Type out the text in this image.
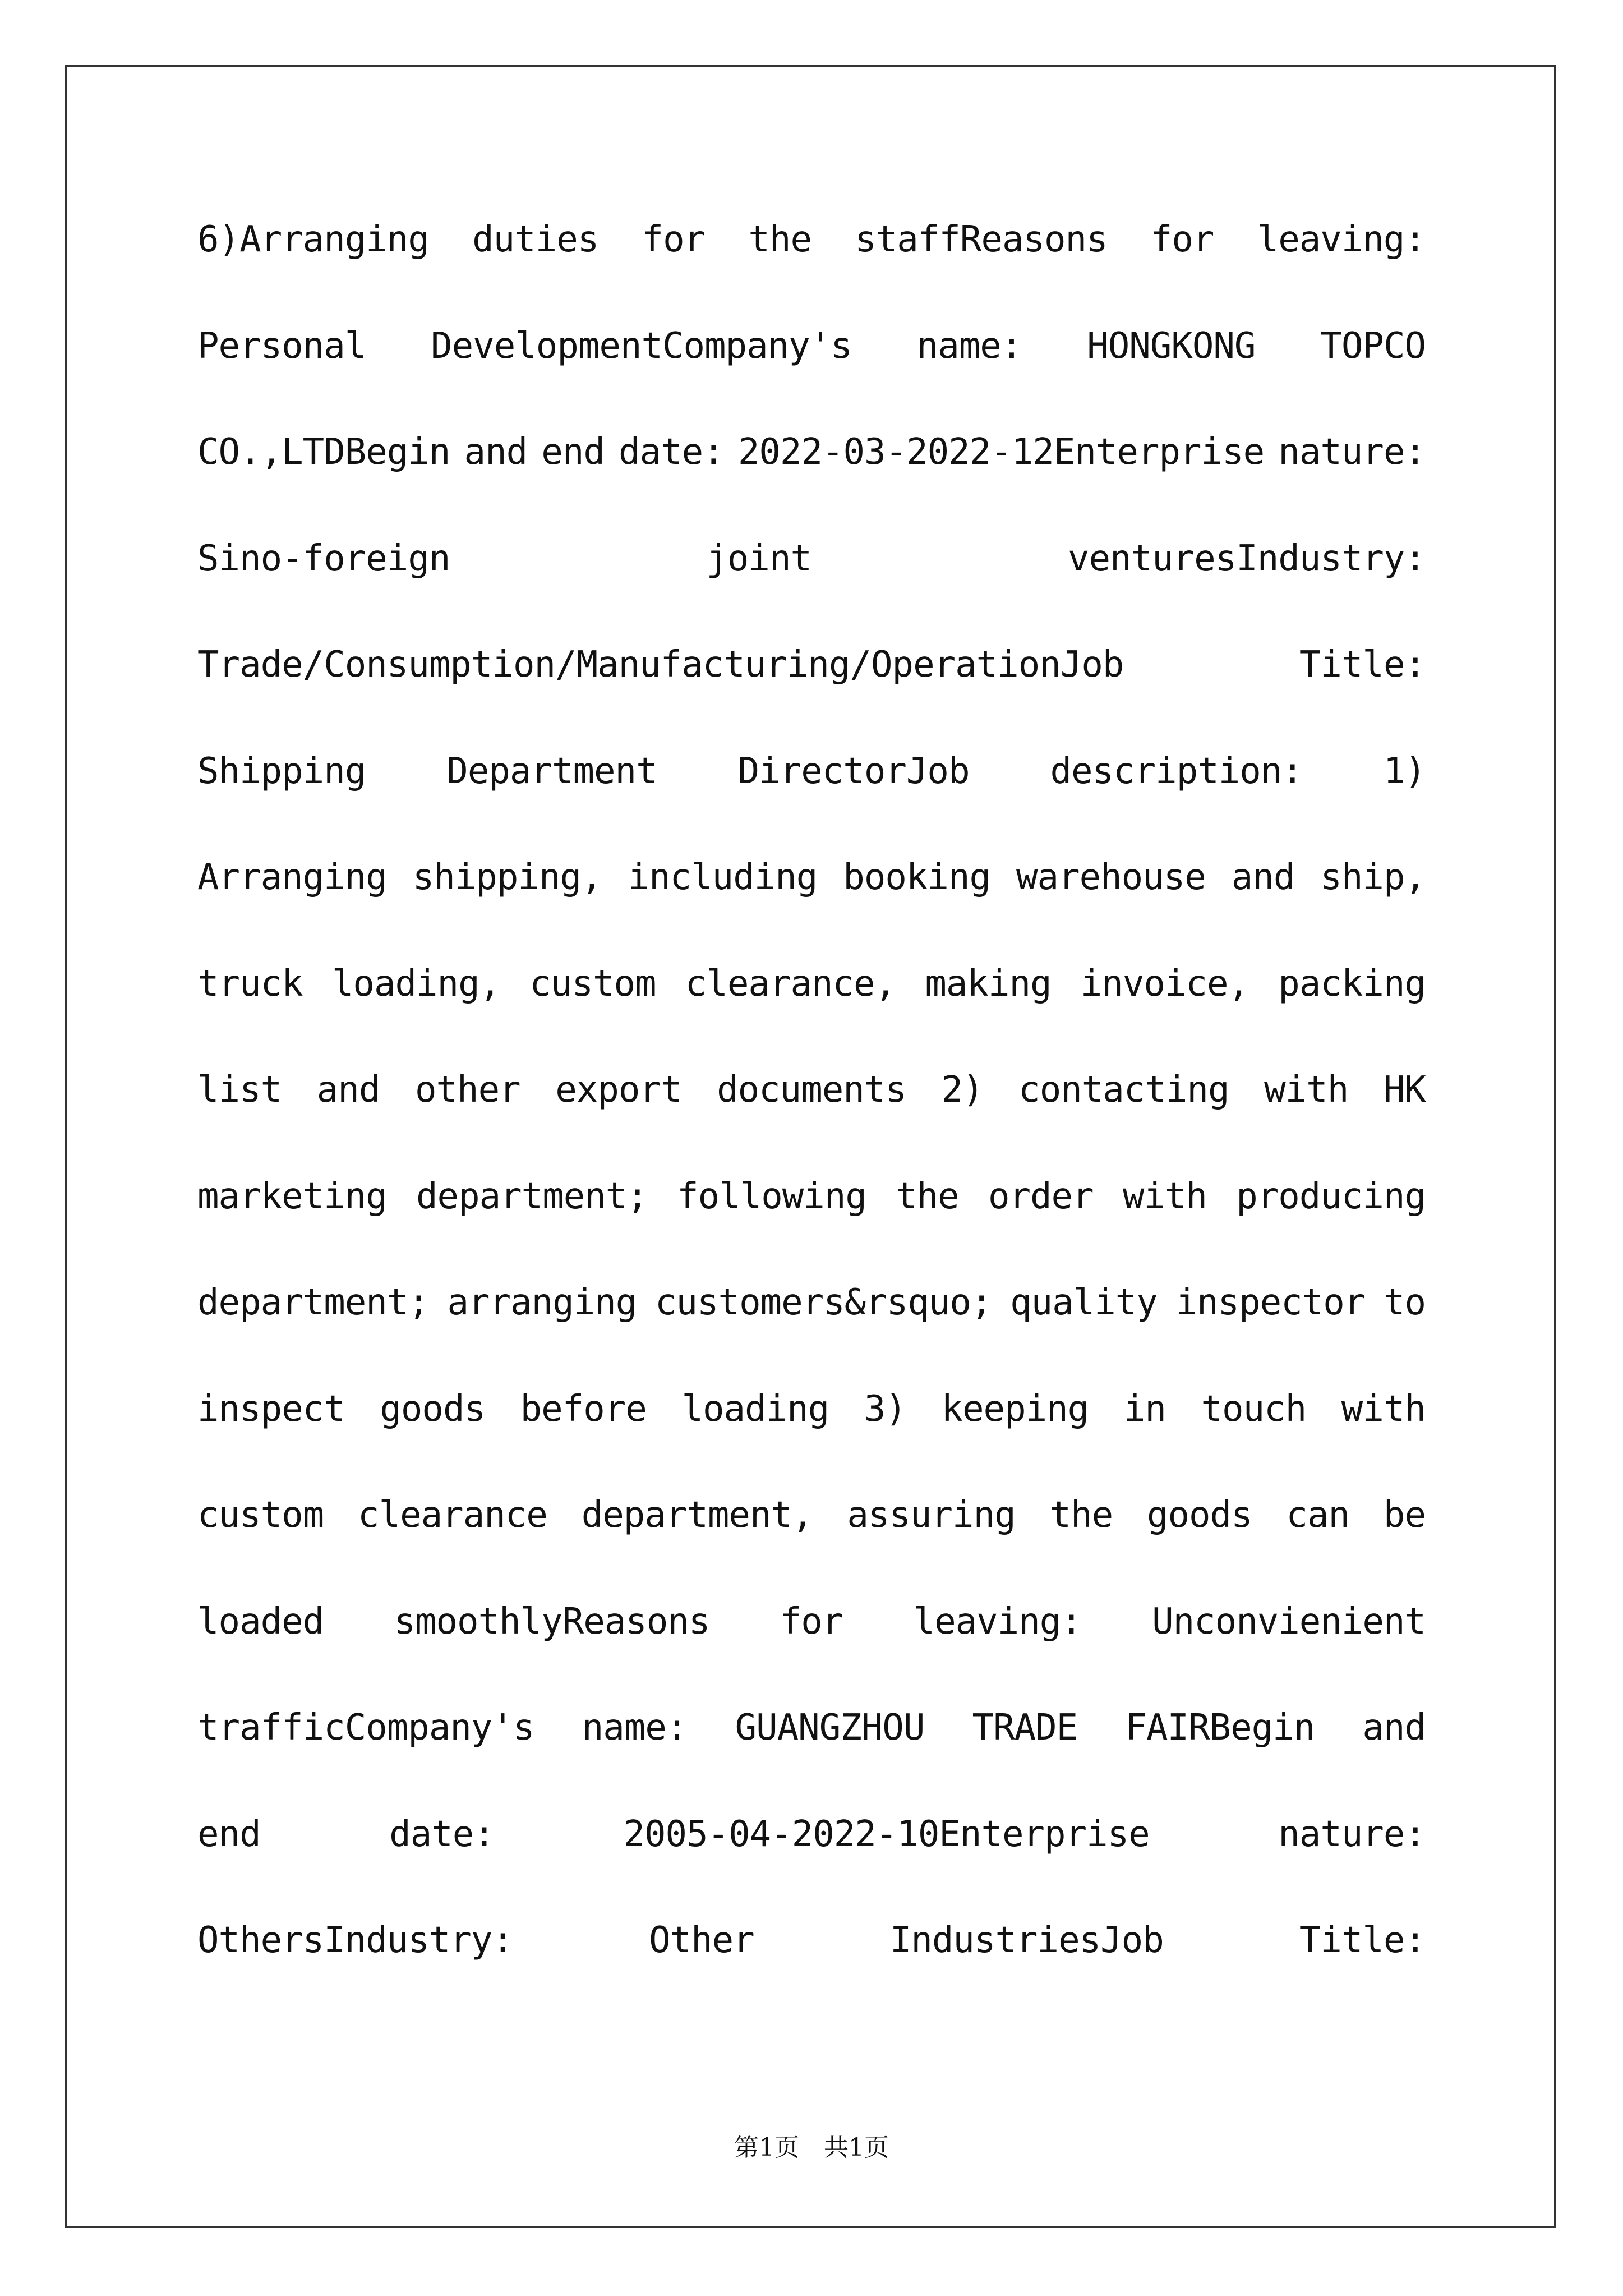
6)Arranging duties for the staffReasons for leaving:
Personal DevelopmentCompany's name: HONGKONG TOPCO
CO.,LTDBegin and end date: 2022-03-2022-12Enterprise nature:
Sino-foreign	joint	venturesIndustry:
Trade/Consumption/Manufacturing/OperationJob	Title:
Shipping Department DirectorJob description: 1)
Arranging shipping, including booking warehouse and ship,
truck loading, custom clearance, making invoice, packing
list and other export documents 2) contacting with HK
marketing department; following the order with producing
department; arranging customers&rsquo; quality inspector to
inspect goods before loading 3) keeping in touch with
custom clearance department, assuring the goods can be
loaded smoothlyReasons for leaving: Unconvienient
trafficCompany's name: GUANGZHOU TRADE FAIRBegin and
end	date:	2005-04-2022-10Enterprise	nature:
OthersIndustry:	Other	IndustriesJob	Title:
第1页　共1页
